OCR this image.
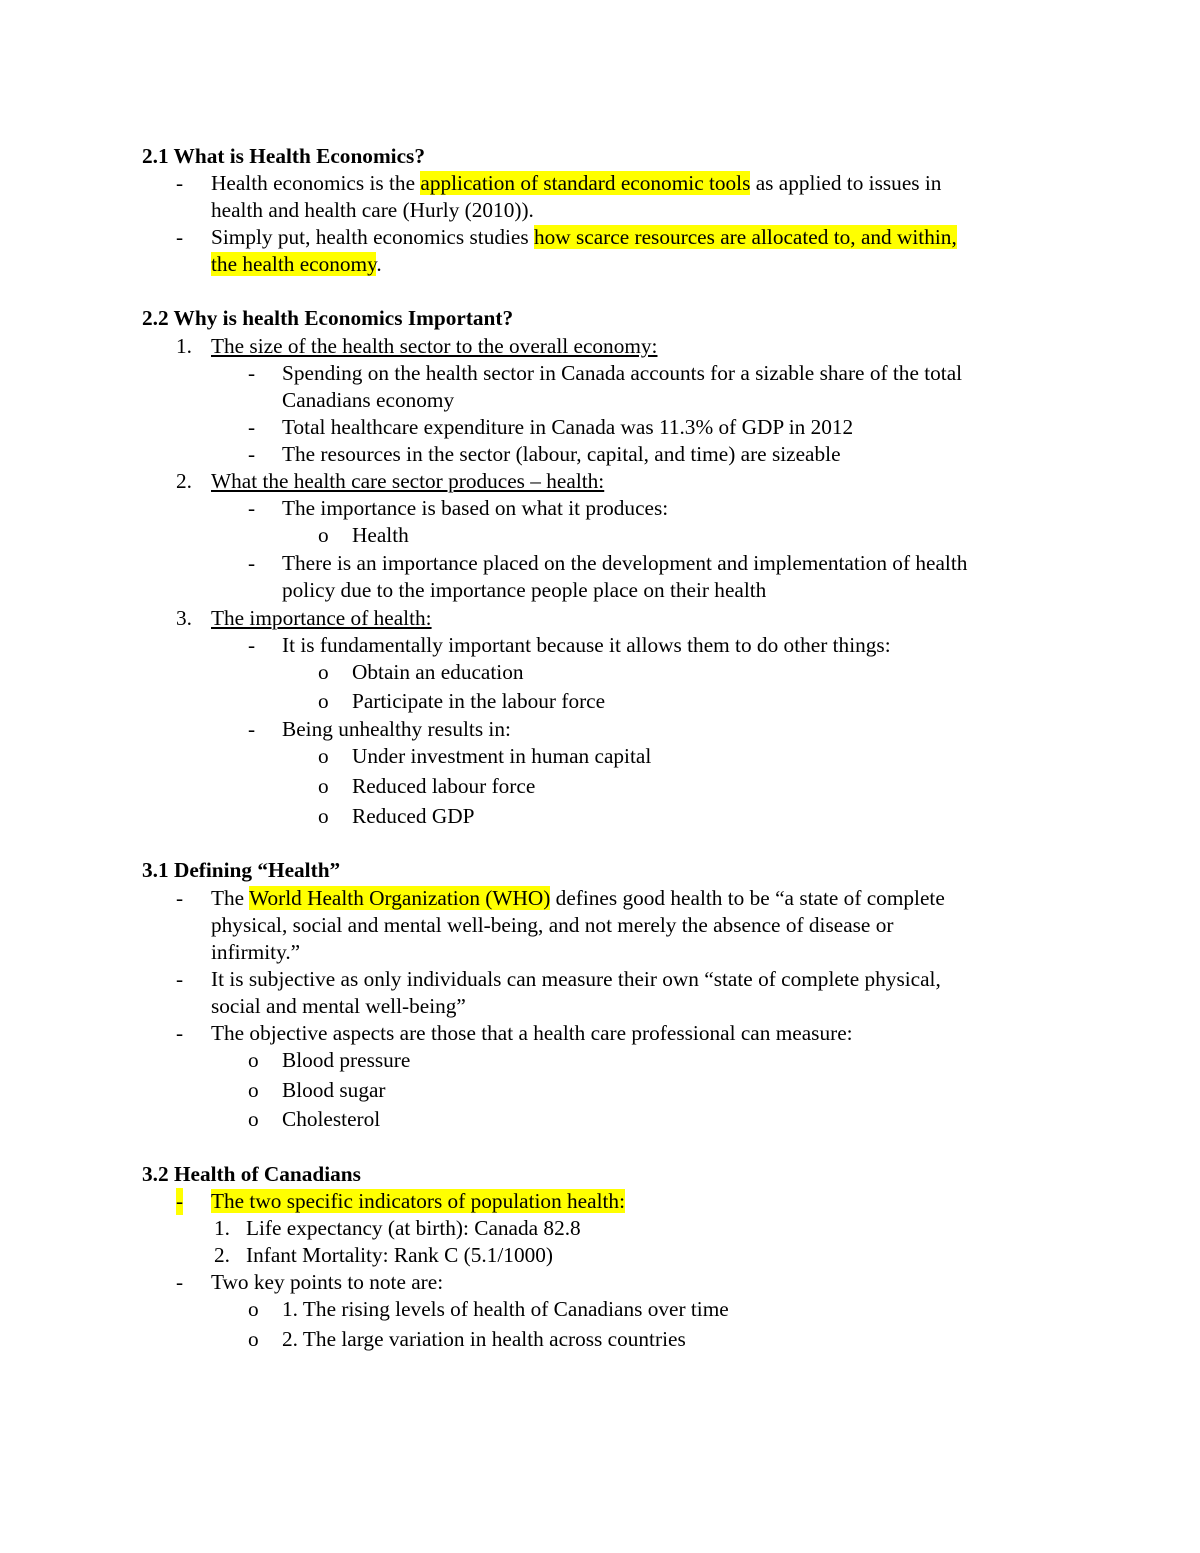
2.1 What is Health Economics?
- Health economics is the application of standard economic tools as applied to issues in
health and health care (Hurly (2010)).
- Simply put, health economics studies how scarce resources are allocated to, and within,
the health economy.
2.2 Why is health Economics Important?
1. The size of the health sector to the overall economy:
- Spending on the health sector in Canada accounts for a sizable share of the total
Canadians economy
- Total healthcare expenditure in Canada was 11.3% of GDP in 2012
- The resources in the sector (labour, capital, and time) are sizeable
2. What the health care sector produces – health:
- The importance is based on what it produces:
o Health
- There is an importance placed on the development and implementation of health
policy due to the importance people place on their health
3. The importance of health:
- It is fundamentally important because it allows them to do other things:
o Obtain an education
o Participate in the labour force
- Being unhealthy results in:
o Under investment in human capital
o Reduced labour force
o Reduced GDP
3.1 Defining “Health”
- The World Health Organization (WHO) defines good health to be “a state of complete
physical, social and mental well-being, and not merely the absence of disease or
infirmity.”
- It is subjective as only individuals can measure their own “state of complete physical,
social and mental well-being”
- The objective aspects are those that a health care professional can measure:
o Blood pressure
o Blood sugar
o Cholesterol
3.2 Health of Canadians
- The two specific indicators of population health:
1. Life expectancy (at birth): Canada 82.8
2. Infant Mortality: Rank C (5.1/1000)
- Two key points to note are:
o 1. The rising levels of health of Canadians over time
o 2. The large variation in health across countries
